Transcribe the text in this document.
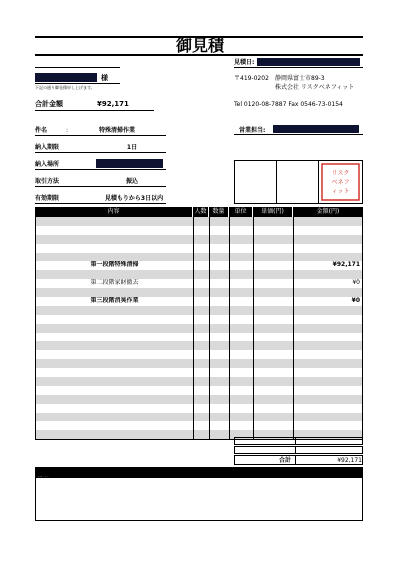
御見積
見積日:
様
下記の通り御見積申し上げます。
〒419-0202 静岡県富士市89-3
株式会社 リスクベネフィット
Tel 0120-08-7887 Fax 0546-73-0154
合計金額	¥92,171
件名	:	特殊清掃作業
納入期限	1日
納入場所
取引方法	振込
有効期限	見積もりから3日以内
営業担当:
リスク
ベネフ
ィット
内容	人数 数量	単位	単価(円)	金額(円)
第一段階特殊清掃	¥92,171
第二段階家財撤去	¥0
第三段階消臭作業	¥0
合計	¥92,171
備考
